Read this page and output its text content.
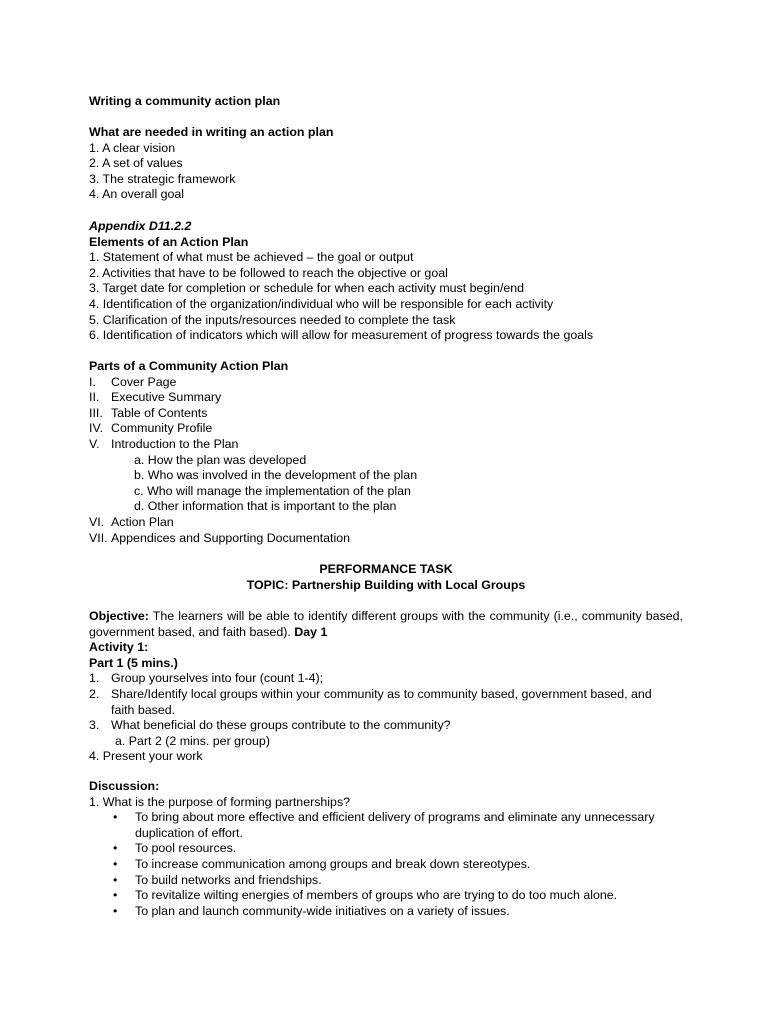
Writing a community action plan
What are needed in writing an action plan
1. A clear vision
2. A set of values
3. The strategic framework
4. An overall goal
Appendix D11.2.2
Elements of an Action Plan
1. Statement of what must be achieved – the goal or output
2. Activities that have to be followed to reach the objective or goal
3. Target date for completion or schedule for when each activity must begin/end
4. Identification of the organization/individual who will be responsible for each activity
5. Clarification of the inputs/resources needed to complete the task
6. Identification of indicators which will allow for measurement of progress towards the goals
Parts of a Community Action Plan
I.	Cover Page
II. Executive Summary
III. Table of Contents
IV. Community Profile
V. Introduction to the Plan
a. How the plan was developed
b. Who was involved in the development of the plan
c. Who will manage the implementation of the plan
d. Other information that is important to the plan
VI. Action Plan
VII. Appendices and Supporting Documentation
PERFORMANCE TASK
TOPIC: Partnership Building with Local Groups
Objective: The learners will be able to identify different groups with the community (i.e., community based, government based, and faith based). Day 1
Activity 1:
Part 1 (5 mins.)
1. Group yourselves into four (count 1-4);
2. Share/Identify local groups within your community as to community based, government based, and
faith based.
3. What beneficial do these groups contribute to the community?
a. Part 2 (2 mins. per group)
4. Present your work
Discussion:
1. What is the purpose of forming partnerships?
•	To bring about more effective and efficient delivery of programs and eliminate any unnecessary
duplication of effort.
•	To pool resources.
•	To increase communication among groups and break down stereotypes.
•	To build networks and friendships.
•	To revitalize wilting energies of members of groups who are trying to do too much alone.
•	To plan and launch community-wide initiatives on a variety of issues.
